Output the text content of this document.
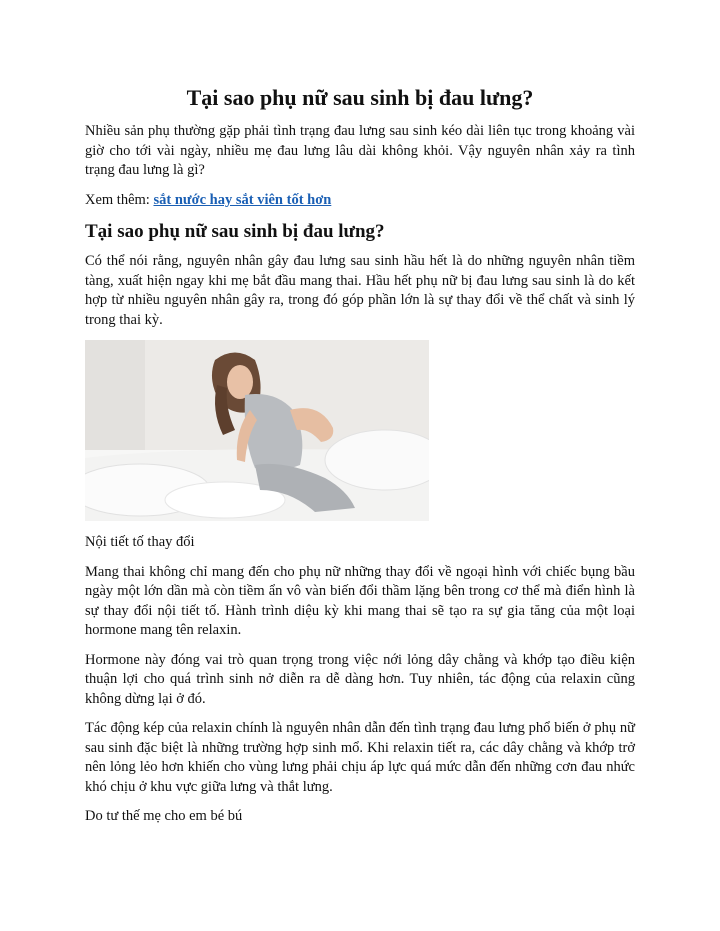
Tại sao phụ nữ sau sinh bị đau lưng?

Nhiều sản phụ thường gặp phải tình trạng đau lưng sau sinh kéo dài liên tục trong khoảng vài giờ cho tới vài ngày, nhiều mẹ đau lưng lâu dài không khỏi. Vậy nguyên nhân xảy ra tình trạng đau lưng là gì?

Xem thêm: sắt nước hay sắt viên tốt hơn

Tại sao phụ nữ sau sinh bị đau lưng?

Có thể nói rằng, nguyên nhân gây đau lưng sau sinh hầu hết là do những nguyên nhân tiềm tàng, xuất hiện ngay khi mẹ bắt đầu mang thai. Hầu hết phụ nữ bị đau lưng sau sinh là do kết hợp từ nhiều nguyên nhân gây ra, trong đó góp phần lớn là sự thay đổi về thể chất và sinh lý trong thai kỳ.

Nội tiết tố thay đổi

Mang thai không chỉ mang đến cho phụ nữ những thay đổi về ngoại hình với chiếc bụng bầu ngày một lớn dần mà còn tiềm ẩn vô vàn biến đổi thầm lặng bên trong cơ thể mà điển hình là sự thay đổi nội tiết tố. Hành trình diệu kỳ khi mang thai sẽ tạo ra sự gia tăng của một loại hormone mang tên relaxin.

Hormone này đóng vai trò quan trọng trong việc nới lỏng dây chằng và khớp tạo điều kiện thuận lợi cho quá trình sinh nở diễn ra dễ dàng hơn. Tuy nhiên, tác động của relaxin cũng không dừng lại ở đó.

Tác động kép của relaxin chính là nguyên nhân dẫn đến tình trạng đau lưng phổ biến ở phụ nữ sau sinh đặc biệt là những trường hợp sinh mổ. Khi relaxin tiết ra, các dây chằng và khớp trở nên lỏng lẻo hơn khiến cho vùng lưng phải chịu áp lực quá mức dẫn đến những cơn đau nhức khó chịu ở khu vực giữa lưng và thắt lưng.

Do tư thế mẹ cho em bé bú
